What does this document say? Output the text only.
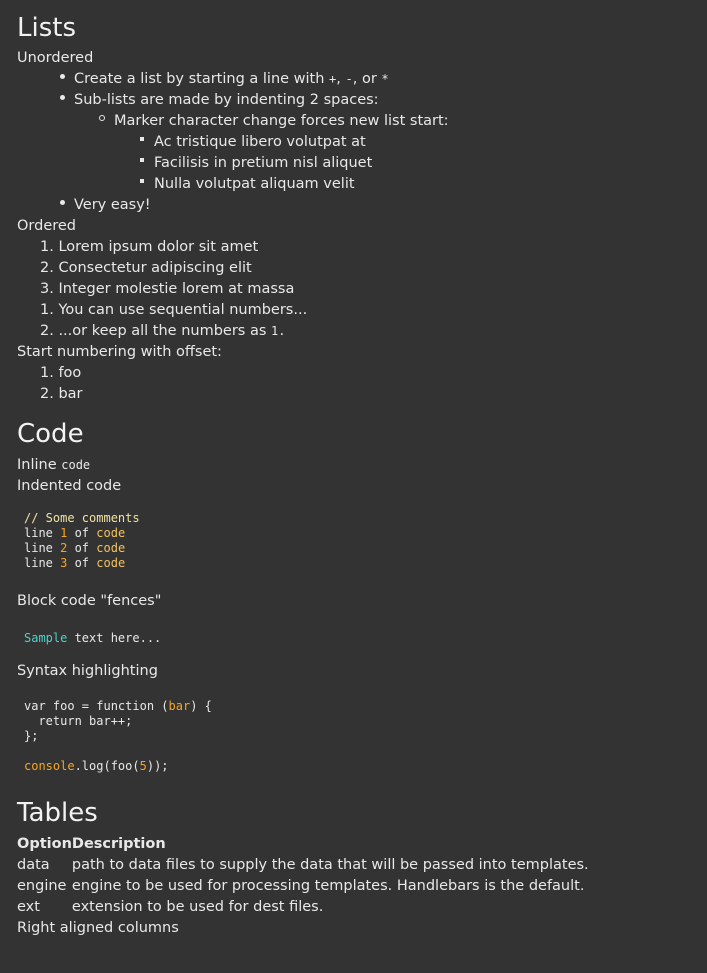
Lists
Unordered
Create a list by starting a line with +, -, or *
Sub-lists are made by indenting 2 spaces:
Marker character change forces new list start:
Ac tristique libero volutpat at
Facilisis in pretium nisl aliquet
Nulla volutpat aliquam velit
Very easy!
Ordered
1. Lorem ipsum dolor sit amet
2. Consectetur adipiscing elit
3. Integer molestie lorem at massa
1. You can use sequential numbers...
2. ...or keep all the numbers as 1.
Start numbering with offset:
1. foo
2. bar
Code
Inline code
Indented code
// Some comments
line 1 of code
line 2 of code
line 3 of code
Block code "fences"
Sample text here...
Syntax highlighting
var foo = function (bar) {
return bar++;
};

console.log(foo(5));
Tables
Option	Description
data	path to data files to supply the data that will be passed into templates.
engine	engine to be used for processing templates. Handlebars is the default.
ext	extension to be used for dest files.
Right aligned columns
